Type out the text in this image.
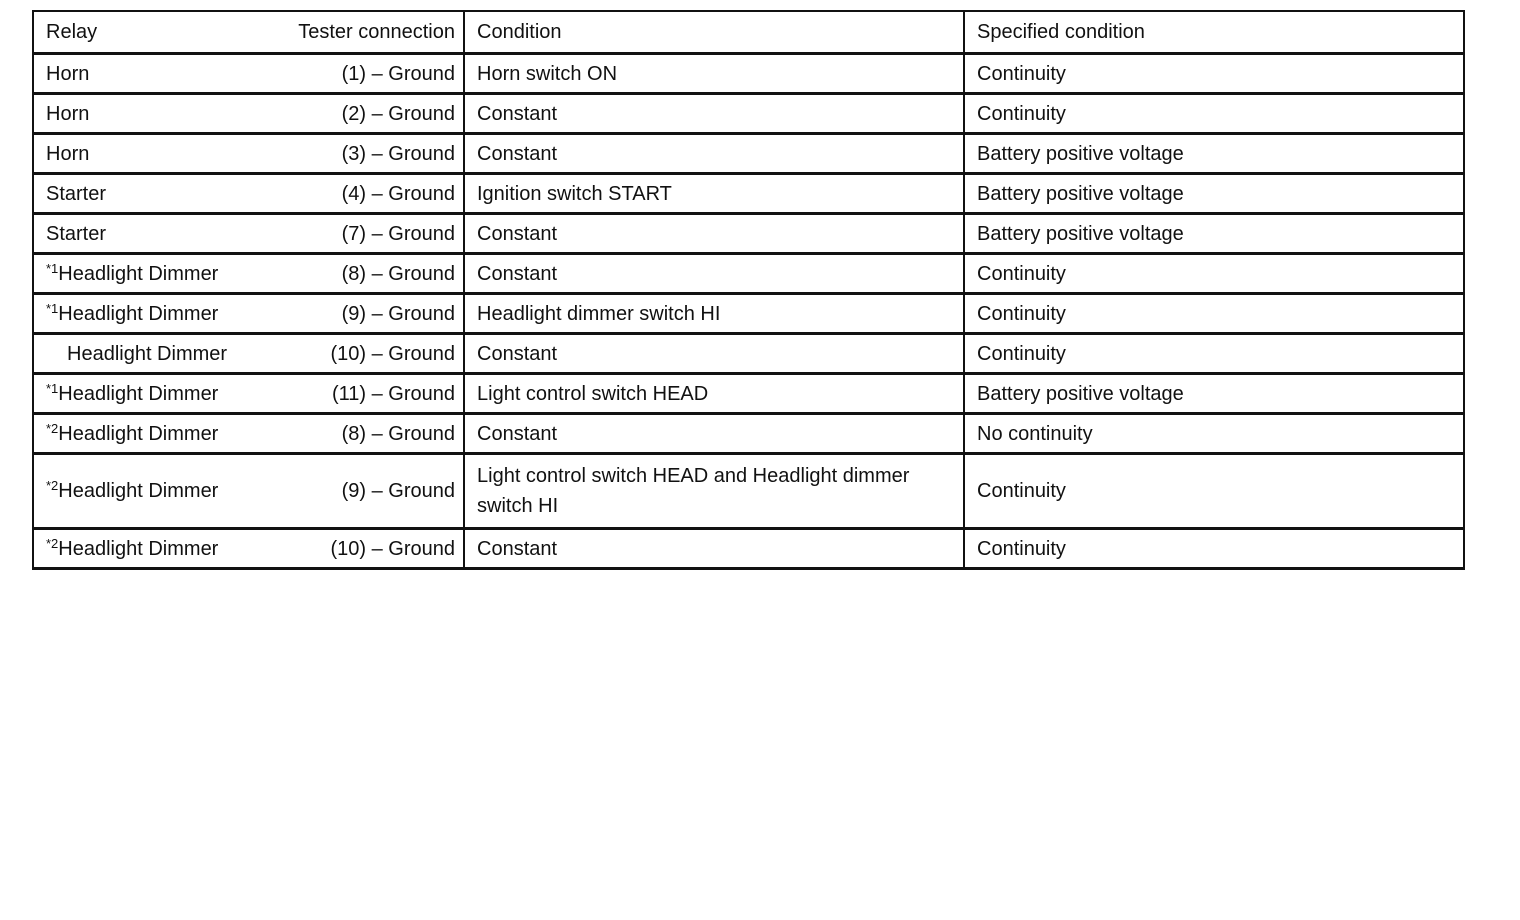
Relay Tester connection	Condition	Specified condition

Horn (1) – Ground	Horn switch ON	Continuity

Horn (2) – Ground	Constant	Continuity

Horn (3) – Ground	Constant	Battery positive voltage

Starter (4) – Ground	Ignition switch START	Battery positive voltage

Starter (7) – Ground	Constant	Battery positive voltage

$^{*1}$Headlight Dimmer (8) – Ground	Constant	Continuity

$^{*1}$Headlight Dimmer (9) – Ground	Headlight dimmer switch HI	Continuity

Headlight Dimmer (10) – Ground	Constant	Continuity

$^{*1}$Headlight Dimmer (11) – Ground	Light control switch HEAD	Battery positive voltage

$^{*2}$Headlight Dimmer (8) – Ground	Constant	No continuity

$^{*2}$Headlight Dimmer (9) – Ground	Light control switch HEAD and Headlight dimmer switch HI	Continuity

$^{*2}$Headlight Dimmer (10) – Ground	Constant	Continuity
